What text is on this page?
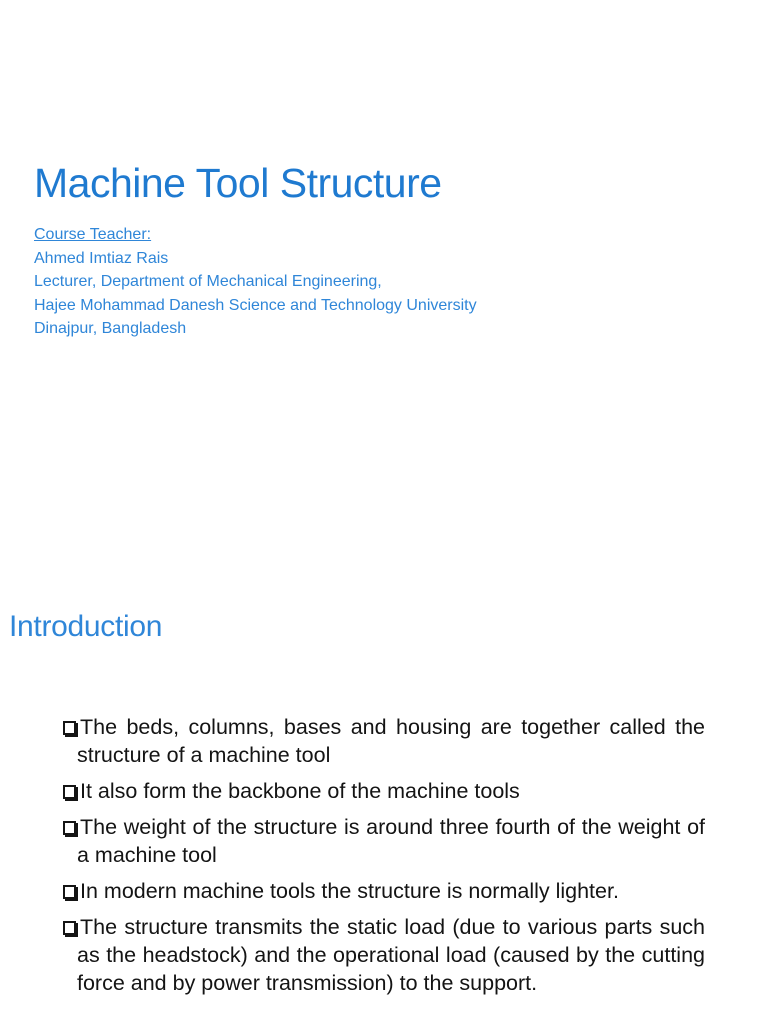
Machine Tool Structure
Course Teacher:
Ahmed Imtiaz Rais
Lecturer, Department of Mechanical Engineering,
Hajee Mohammad Danesh Science and Technology University
Dinajpur, Bangladesh
Introduction
The beds, columns, bases and housing are together called the structure of a machine tool
It also form the backbone of the machine tools
The weight of the structure is around three fourth of the weight of a machine tool
In modern machine tools the structure is normally lighter.
The structure transmits the static load (due to various parts such as the headstock) and the operational load (caused by the cutting force and by power transmission) to the support.
